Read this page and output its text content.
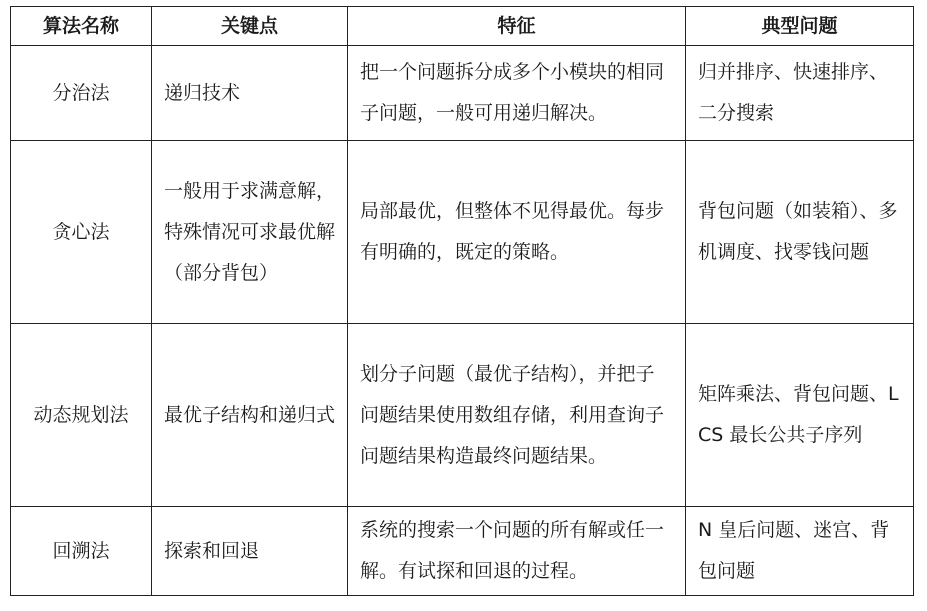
算法名称	关键点	特征	典型问题
分治法	递归技术	把一个问题拆分成多个小模块的相同子问题，一般可用递归解决。	归并排序、快速排序、二分搜索
贪心法	一般用于求满意解，特殊情况可求最优解（部分背包）	局部最优，但整体不见得最优。每步有明确的，既定的策略。	背包问题（如装箱）、多机调度、找零钱问题
动态规划法	最优子结构和递归式	划分子问题（最优子结构），并把子问题结果使用数组存储，利用查询子问题结果构造最终问题结果。	矩阵乘法、背包问题、LCS 最长公共子序列
回溯法	探索和回退	系统的搜索一个问题的所有解或任一解。有试探和回退的过程。	N 皇后问题、迷宫、背包问题
